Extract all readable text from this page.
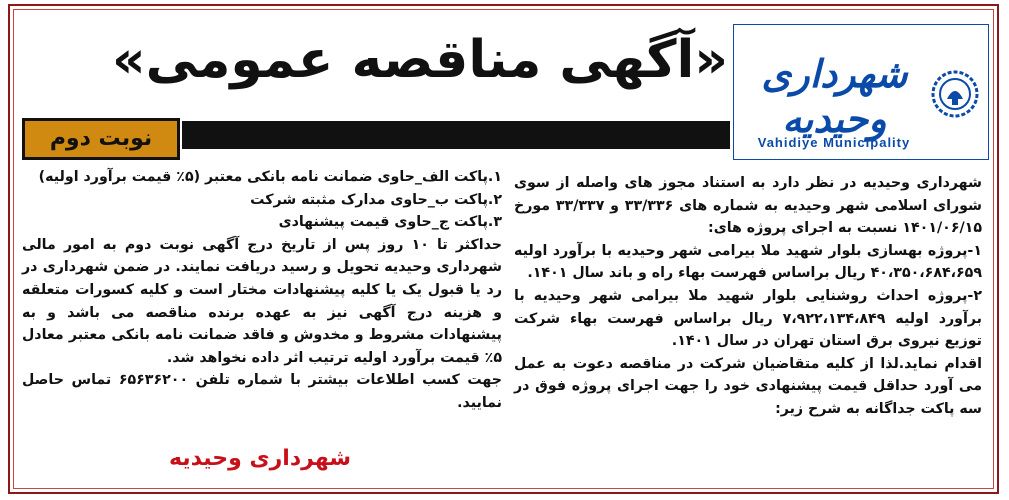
شهرداری وحیدیه
Vahidiye Municipality
«آگهی مناقصه عمومی»
نوبت دوم

شهرداری وحیدیه در نظر دارد به استناد مجوز های واصله از سوی شورای اسلامی شهر وحیدیه به شماره های ۳۳/۳۳۶ و ۳۳/۳۳۷ مورخ ۱۴۰۱/۰۶/۱۵ نسبت به اجرای پروژه های:

۱-پروژه بهسازی بلوار شهید ملا بیرامی شهر وحیدیه با برآورد اولیه ۴۰،۳۵۰،۶۸۴،۶۵۹ ریال براساس فهرست بهاء راه و باند سال ۱۴۰۱.

۲-پروژه احداث روشنایی بلوار شهید ملا بیرامی شهر وحیدیه با برآورد اولیه ۷،۹۲۲،۱۳۴،۸۴۹ ریال براساس فهرست بهاء شرکت توزیع نیروی برق استان تهران در سال ۱۴۰۱.

اقدام نماید.لذا از کلیه متقاضیان شرکت در مناقصه دعوت به عمل می آورد حداقل قیمت پیشنهادی خود را جهت اجرای پروژه فوق در سه پاکت جداگانه به شرح زیر:

۱.پاکت الف_حاوی ضمانت نامه بانکی معتبر (۵٪ قیمت برآورد اولیه)

۲.پاکت ب_حاوی مدارک مثبته شرکت

۳.پاکت ج_حاوی قیمت پیشنهادی

حداکثر تا ۱۰ روز پس از تاریخ درج آگهی نوبت دوم به امور مالی شهرداری وحیدیه تحویل و رسید دریافت نمایند. در ضمن شهرداری در رد یا قبول یک یا کلیه پیشنهادات مختار است و کلیه کسورات متعلقه و هزینه درج آگهی نیز به عهده برنده مناقصه می باشد و به پیشنهادات مشروط و مخدوش و فاقد ضمانت نامه بانکی معتبر معادل ۵٪ قیمت برآورد اولیه ترتیب اثر داده نخواهد شد.

جهت کسب اطلاعات بیشتر با شماره تلفن ۶۵۶۳۶۲۰۰ تماس حاصل نمایید.

شهرداری وحیدیه
